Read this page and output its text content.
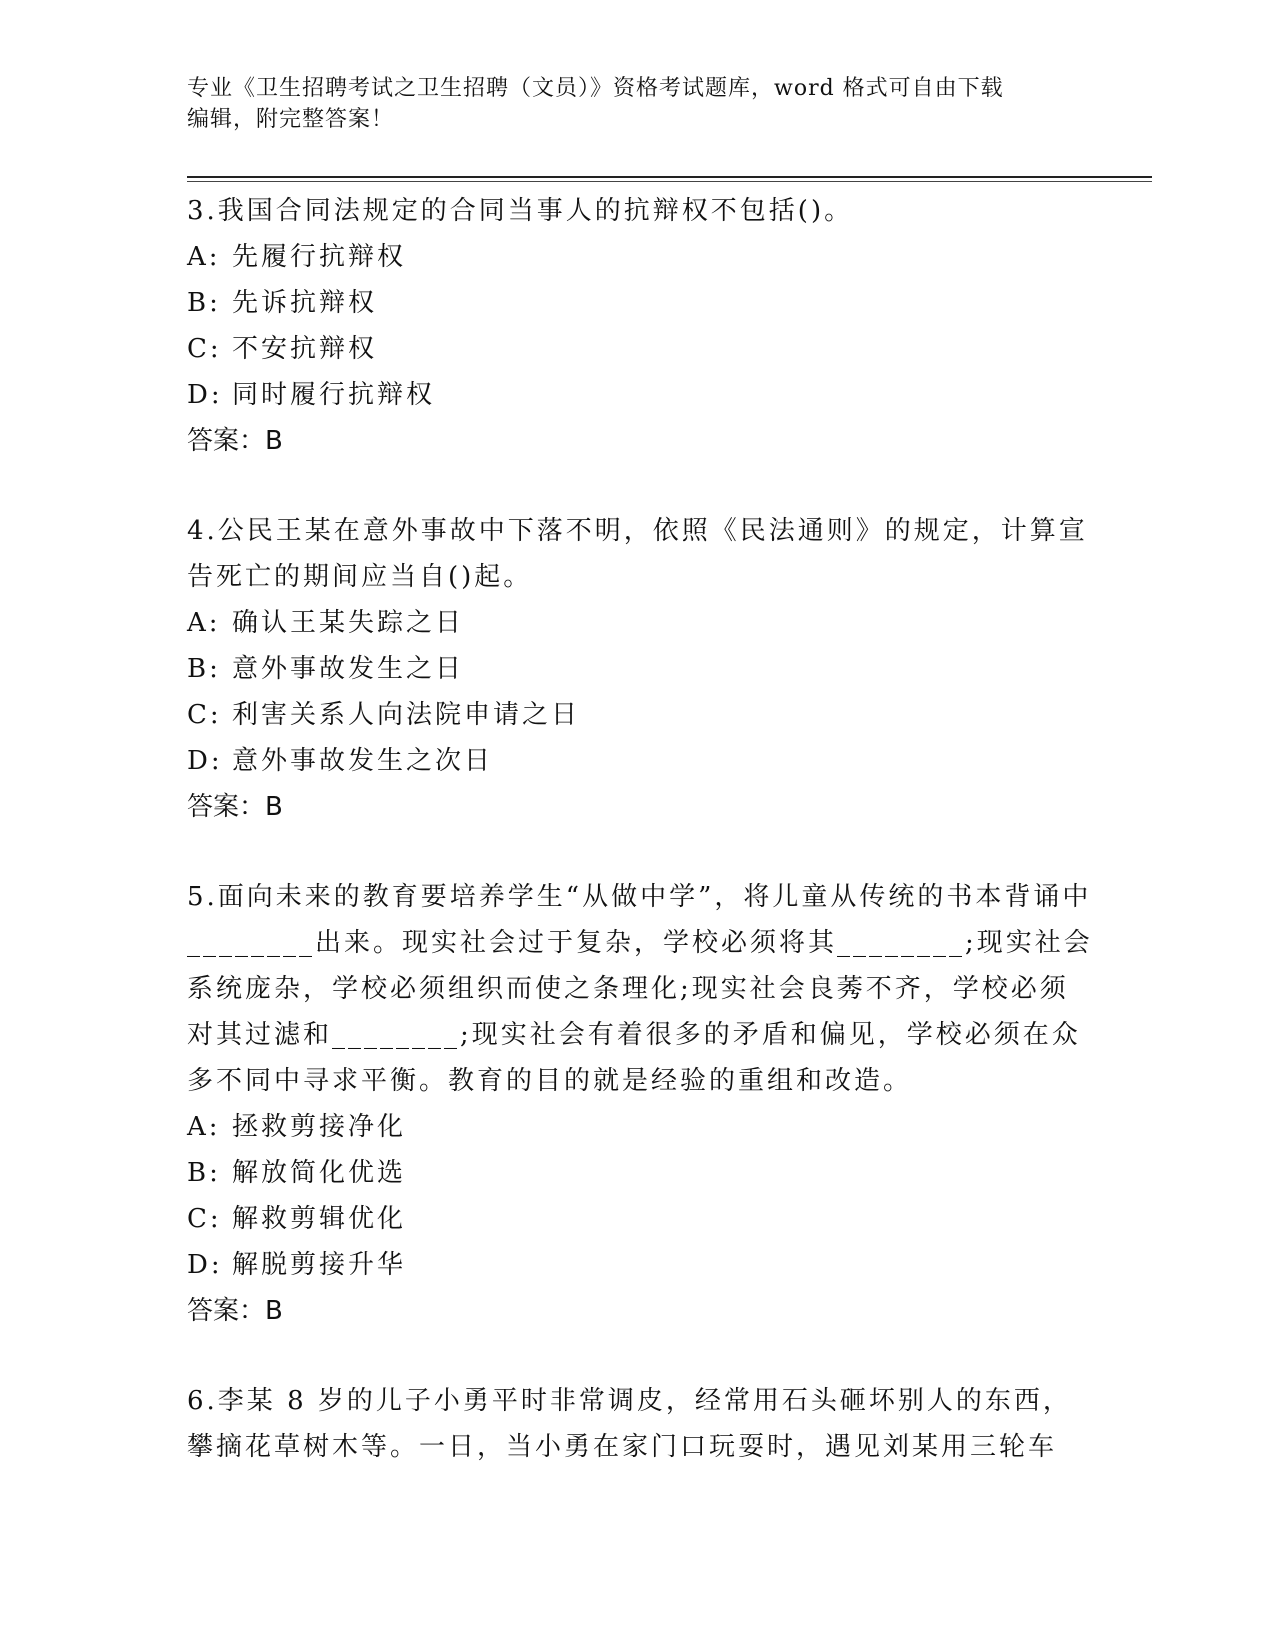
专业《卫生招聘考试之卫生招聘（文员）》资格考试题库，word 格式可自由下载
编辑，附完整答案！
3.我国合同法规定的合同当事人的抗辩权不包括()。
A: 先履行抗辩权
B: 先诉抗辩权
C: 不安抗辩权
D: 同时履行抗辩权
答案：B
4.公民王某在意外事故中下落不明，依照《民法通则》的规定，计算宣告死亡的期间应当自()起。
A: 确认王某失踪之日
B: 意外事故发生之日
C: 利害关系人向法院申请之日
D: 意外事故发生之次日
答案：B
5.面向未来的教育要培养学生“从做中学”，将儿童从传统的书本背诵中________出来。现实社会过于复杂，学校必须将其________;现实社会系统庞杂，学校必须组织而使之条理化;现实社会良莠不齐，学校必须对其过滤和________;现实社会有着很多的矛盾和偏见，学校必须在众多不同中寻求平衡。教育的目的就是经验的重组和改造。
A: 拯救剪接净化
B: 解放简化优选
C: 解救剪辑优化
D: 解脱剪接升华
答案：B
6.李某 8 岁的儿子小勇平时非常调皮，经常用石头砸坏别人的东西，攀摘花草树木等。一日，当小勇在家门口玩耍时，遇见刘某用三轮车
